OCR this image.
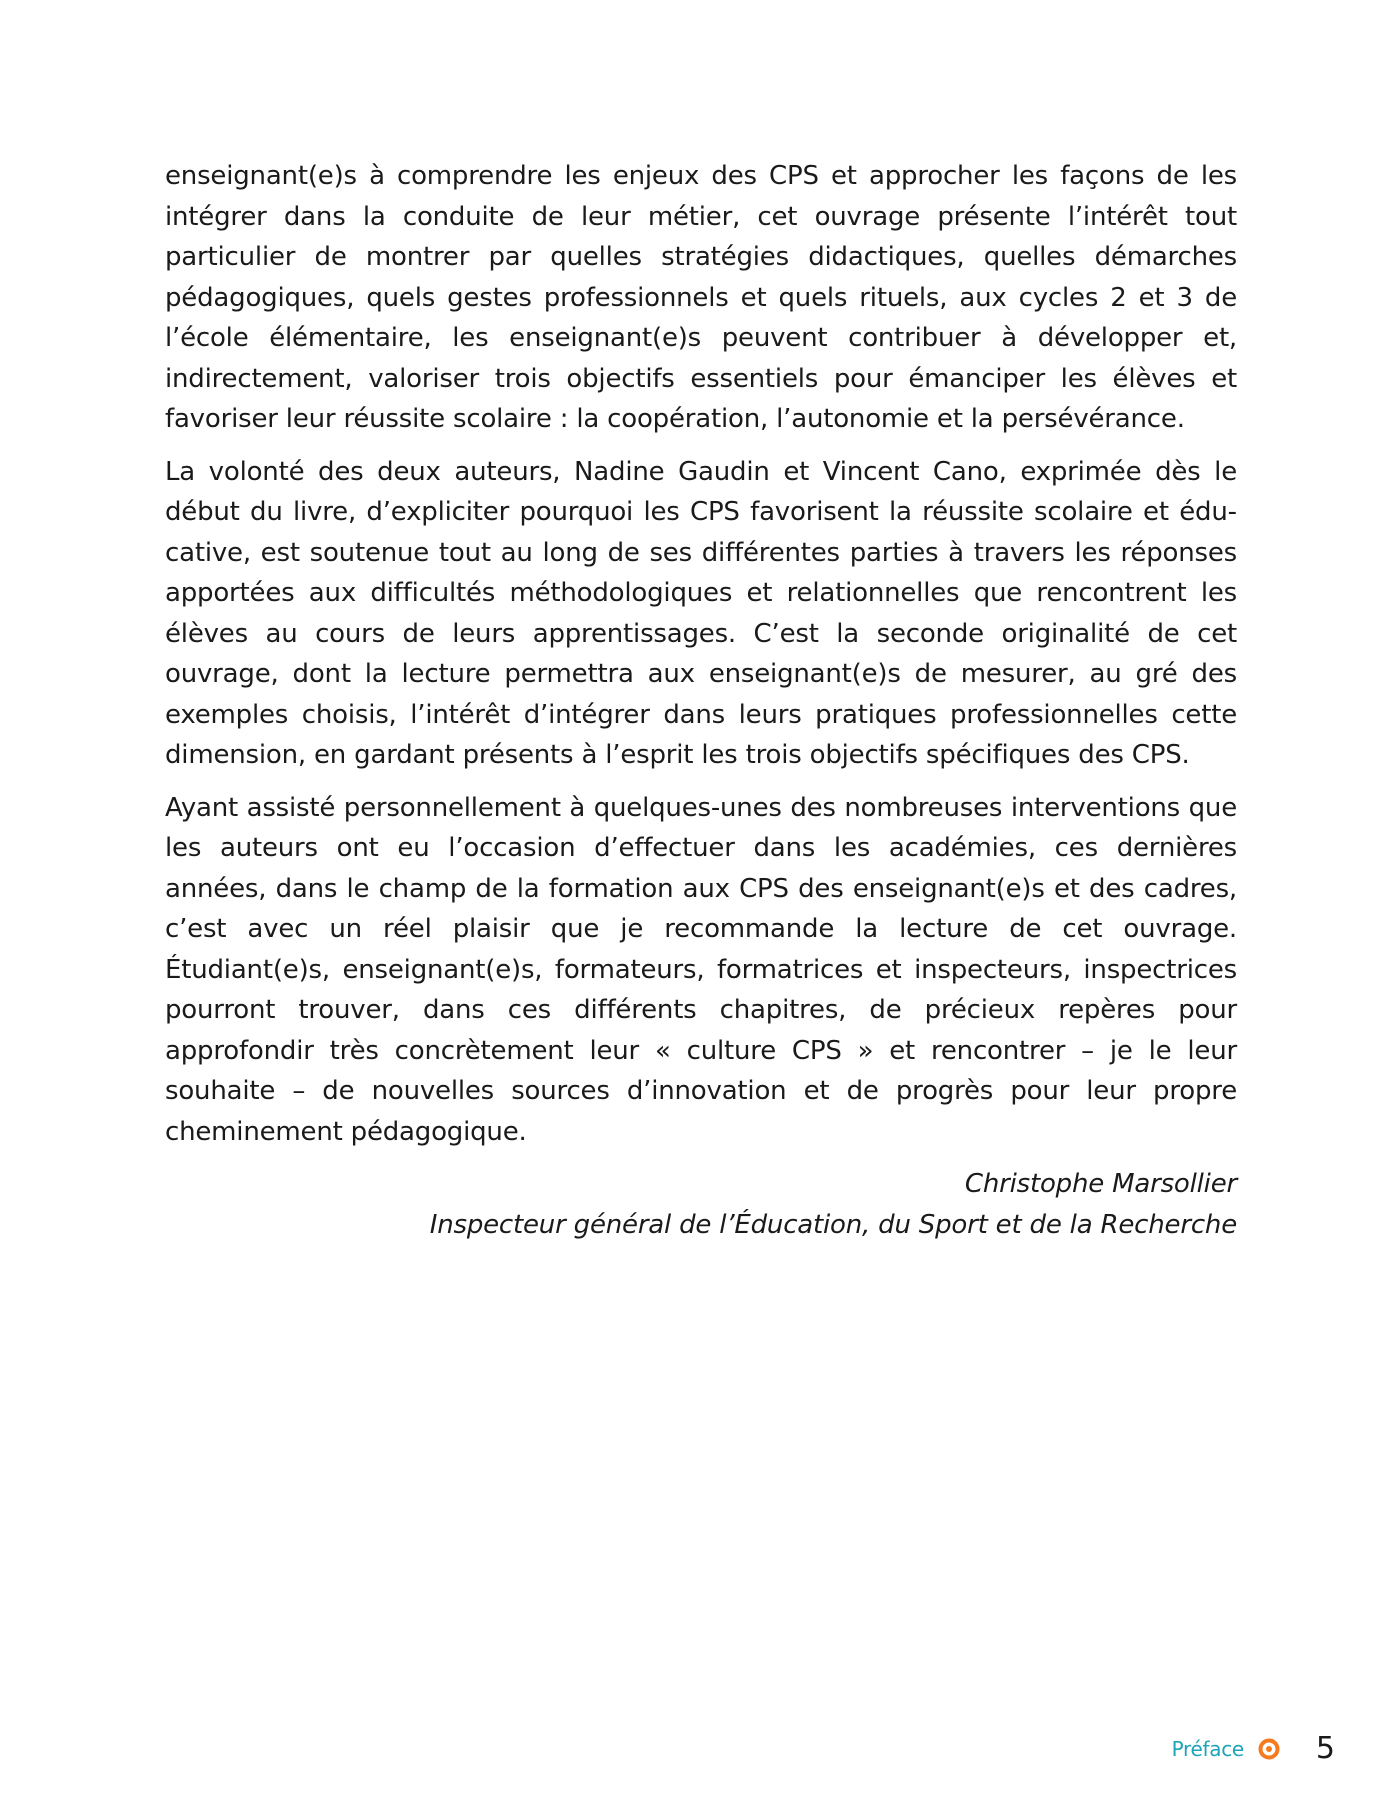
enseignant(e)s à comprendre les enjeux des CPS et approcher les façons de les intégrer dans la conduite de leur métier, cet ouvrage présente l’intérêt tout particulier de montrer par quelles stratégies didactiques, quelles démarches pédagogiques, quels gestes professionnels et quels rituels, aux cycles 2 et 3 de l’école élémentaire, les enseignant(e)s peuvent contribuer à développer et, indirectement, valoriser trois objectifs essentiels pour émanciper les élèves et favoriser leur réussite scolaire : la coopération, l’autonomie et la persévérance.

La volonté des deux auteurs, Nadine Gaudin et Vincent Cano, exprimée dès le début du livre, d’expliciter pourquoi les CPS favorisent la réussite scolaire et éducative, est soutenue tout au long de ses différentes parties à travers les réponses apportées aux difficultés méthodologiques et relationnelles que rencontrent les élèves au cours de leurs apprentissages. C’est la seconde originalité de cet ouvrage, dont la lecture permettra aux enseignant(e)s de mesurer, au gré des exemples choisis, l’intérêt d’intégrer dans leurs pratiques professionnelles cette dimension, en gardant présents à l’esprit les trois objectifs spécifiques des CPS.

Ayant assisté personnellement à quelques-unes des nombreuses interventions que les auteurs ont eu l’occasion d’effectuer dans les académies, ces dernières années, dans le champ de la formation aux CPS des enseignant(e)s et des cadres, c’est avec un réel plaisir que je recommande la lecture de cet ouvrage. Étudiant(e)s, enseignant(e)s, formateurs, formatrices et inspecteurs, inspectrices pourront trouver, dans ces différents chapitres, de précieux repères pour approfondir très concrètement leur « culture CPS » et rencontrer – je le leur souhaite – de nouvelles sources d’innovation et de progrès pour leur propre cheminement pédagogique.

Christophe Marsollier
Inspecteur général de l’Éducation, du Sport et de la Recherche
Préface 5
